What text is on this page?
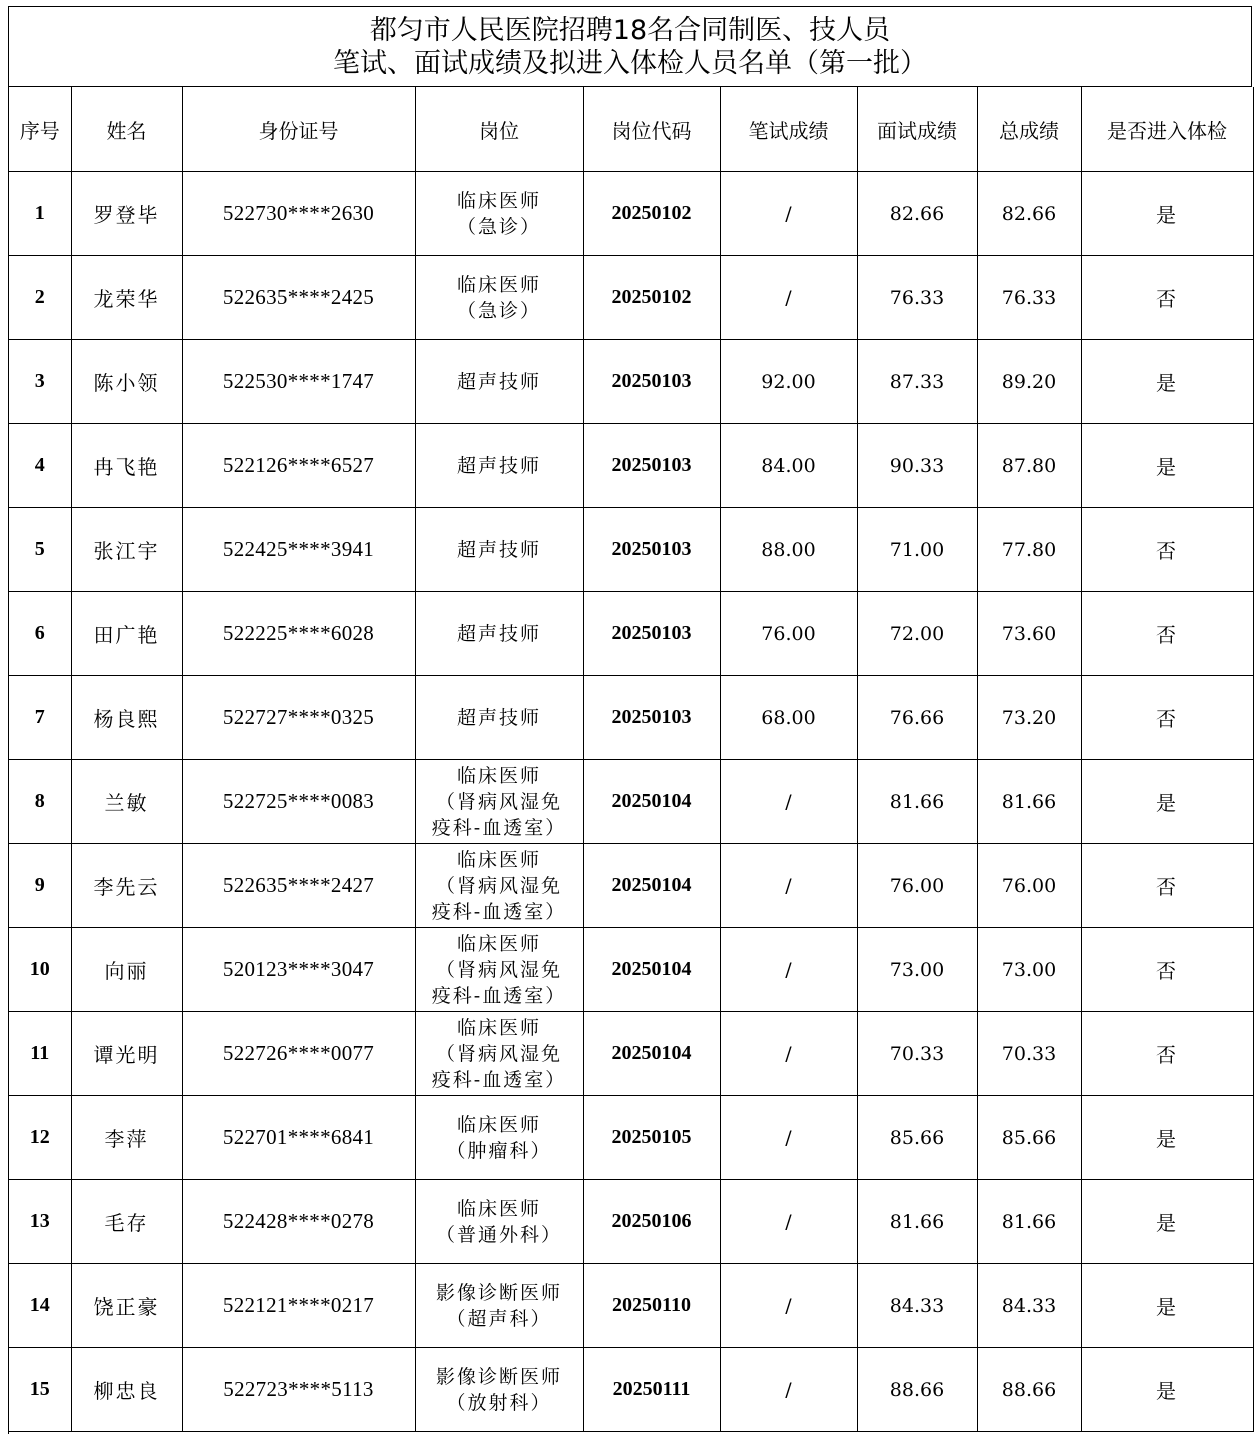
都匀市人民医院招聘18名合同制医、技人员
笔试、面试成绩及拟进入体检人员名单（第一批）
序号	姓名	身份证号	岗位	岗位代码	笔试成绩	面试成绩	总成绩	是否进入体检
1	罗登毕	522730****2630	临床医师
（急诊）	20250102	/	82.66	82.66	是
2	龙荣华	522635****2425	临床医师
（急诊）	20250102	/	76.33	76.33	否
3	陈小领	522530****1747	超声技师	20250103	92.00	87.33	89.20	是
4	冉飞艳	522126****6527	超声技师	20250103	84.00	90.33	87.80	是
5	张江宇	522425****3941	超声技师	20250103	88.00	71.00	77.80	否
6	田广艳	522225****6028	超声技师	20250103	76.00	72.00	73.60	否
7	杨良熙	522727****0325	超声技师	20250103	68.00	76.66	73.20	否
8	兰敏	522725****0083	临床医师
（肾病风湿免
疫科-血透室）	20250104	/	81.66	81.66	是
9	李先云	522635****2427	临床医师
（肾病风湿免
疫科-血透室）	20250104	/	76.00	76.00	否
10	向丽	520123****3047	临床医师
（肾病风湿免
疫科-血透室）	20250104	/	73.00	73.00	否
11	谭光明	522726****0077	临床医师
（肾病风湿免
疫科-血透室）	20250104	/	70.33	70.33	否
12	李萍	522701****6841	临床医师
（肿瘤科）	20250105	/	85.66	85.66	是
13	毛存	522428****0278	临床医师
（普通外科）	20250106	/	81.66	81.66	是
14	饶正豪	522121****0217	影像诊断医师
（超声科）	20250110	/	84.33	84.33	是
15	柳忠良	522723****5113	影像诊断医师
（放射科）	20250111	/	88.66	88.66	是
